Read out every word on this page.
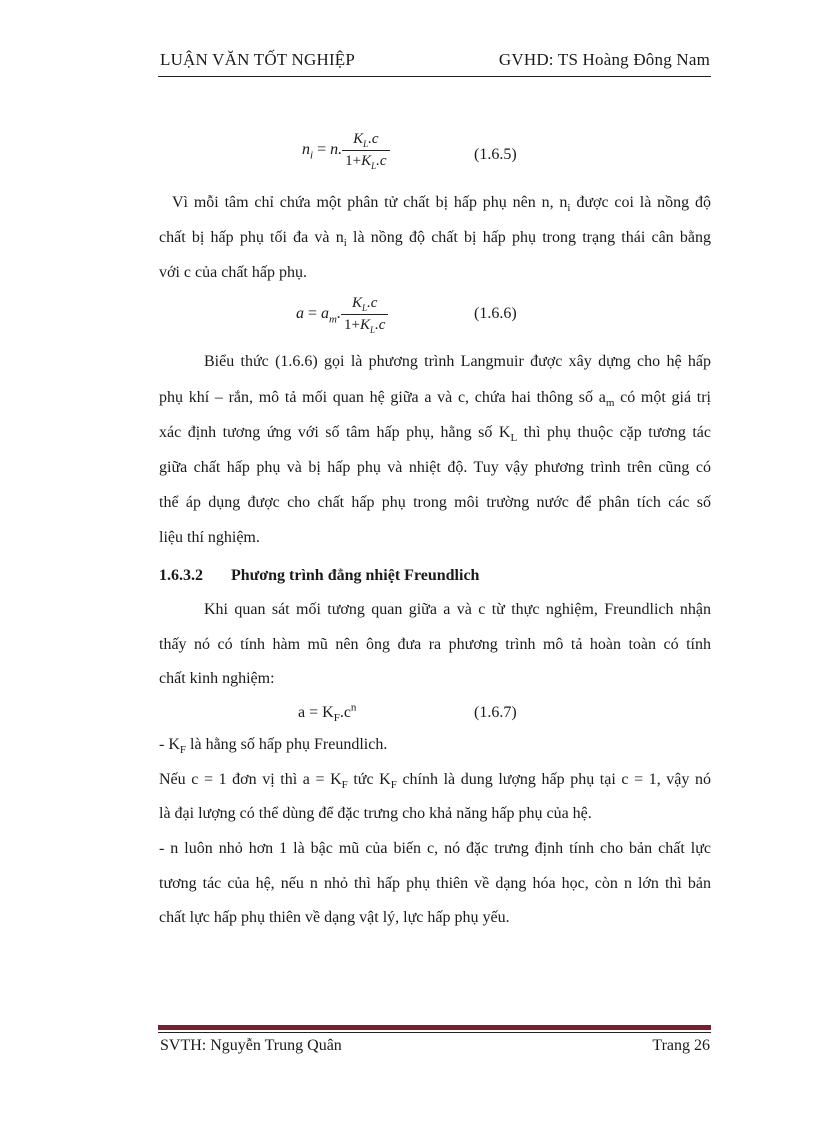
LUẬN VĂN TỐT NGHIỆP	GVHD: TS Hoàng Đông Nam
$n_i = n$. $\frac{K_L.c}{1+K_L.c}$	(1.6.5)
Vì mỗi tâm chỉ chứa một phân tử chất bị hấp phụ nên n, $n_i$ được coi là nồng độ
chất bị hấp phụ tối đa và $n_i$ là nồng độ chất bị hấp phụ trong trạng thái cân bằng
với c của chất hấp phụ.
$a = a_m$. $\frac{K_L.c}{1+K_L.c}$	(1.6.6)
Biểu thức (1.6.6) gọi là phương trình Langmuir được xây dựng cho hệ hấp
phụ khí – rắn, mô tả mối quan hệ giữa a và c, chứa hai thông số $a_m$ có một giá trị
xác định tương ứng với số tâm hấp phụ, hằng số $K_L$ thì phụ thuộc cặp tương tác
giữa chất hấp phụ và bị hấp phụ và nhiệt độ. Tuy vậy phương trình trên cũng có
thể áp dụng được cho chất hấp phụ trong môi trường nước để phân tích các số
liệu thí nghiệm.
1.6.3.2 Phương trình đẳng nhiệt Freundlich
Khi quan sát mối tương quan giữa a và c từ thực nghiệm, Freundlich nhận
thấy nó có tính hàm mũ nên ông đưa ra phương trình mô tả hoàn toàn có tính
chất kinh nghiệm:
$a = K_F.c^n$	(1.6.7)
- $K_F$ là hằng số hấp phụ Freundlich.
Nếu c = 1 đơn vị thì $a = K_F$ tức $K_F$ chính là dung lượng hấp phụ tại c = 1, vậy nó
là đại lượng có thể dùng để đặc trưng cho khả năng hấp phụ của hệ.
- n luôn nhỏ hơn 1 là bậc mũ của biến c, nó đặc trưng định tính cho bản chất lực
tương tác của hệ, nếu n nhỏ thì hấp phụ thiên về dạng hóa học, còn n lớn thì bản
chất lực hấp phụ thiên về dạng vật lý, lực hấp phụ yếu.
SVTH: Nguyễn Trung Quân	Trang 26
